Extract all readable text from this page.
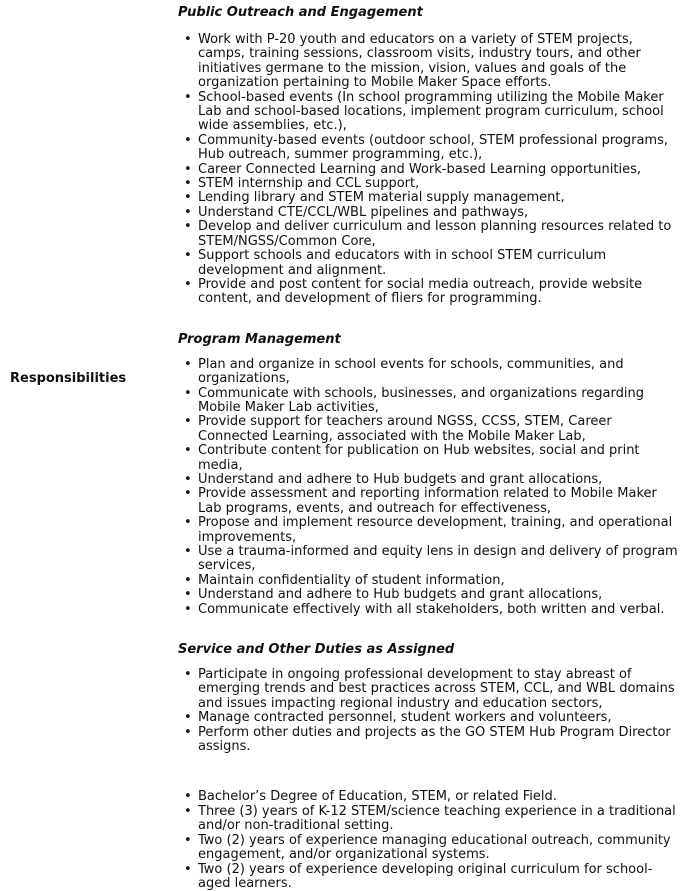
Responsibilities
Public Outreach and Engagement
• Work with P-20 youth and educators on a variety of STEM projects, camps, training sessions, classroom visits, industry tours, and other initiatives germane to the mission, vision, values and goals of the organization pertaining to Mobile Maker Space efforts.
• School-based events (In school programming utilizing the Mobile Maker Lab and school-based locations, implement program curriculum, school wide assemblies, etc.),
• Community-based events (outdoor school, STEM professional programs, Hub outreach, summer programming, etc.),
• Career Connected Learning and Work-based Learning opportunities,
• STEM internship and CCL support,
• Lending library and STEM material supply management,
• Understand CTE/CCL/WBL pipelines and pathways,
• Develop and deliver curriculum and lesson planning resources related to STEM/NGSS/Common Core,
• Support schools and educators with in school STEM curriculum development and alignment.
• Provide and post content for social media outreach, provide website content, and development of fliers for programming.
Program Management
• Plan and organize in school events for schools, communities, and organizations,
• Communicate with schools, businesses, and organizations regarding Mobile Maker Lab activities,
• Provide support for teachers around NGSS, CCSS, STEM, Career Connected Learning, associated with the Mobile Maker Lab,
• Contribute content for publication on Hub websites, social and print media,
• Understand and adhere to Hub budgets and grant allocations,
• Provide assessment and reporting information related to Mobile Maker Lab programs, events, and outreach for effectiveness,
• Propose and implement resource development, training, and operational improvements,
• Use a trauma-informed and equity lens in design and delivery of program services,
• Maintain confidentiality of student information,
• Understand and adhere to Hub budgets and grant allocations,
• Communicate effectively with all stakeholders, both written and verbal.
Service and Other Duties as Assigned
• Participate in ongoing professional development to stay abreast of emerging trends and best practices across STEM, CCL, and WBL domains and issues impacting regional industry and education sectors,
• Manage contracted personnel, student workers and volunteers,
• Perform other duties and projects as the GO STEM Hub Program Director assigns.
• Bachelor’s Degree of Education, STEM, or related Field.
• Three (3) years of K-12 STEM/science teaching experience in a traditional and/or non-traditional setting.
• Two (2) years of experience managing educational outreach, community engagement, and/or organizational systems.
• Two (2) years of experience developing original curriculum for school-aged learners.
